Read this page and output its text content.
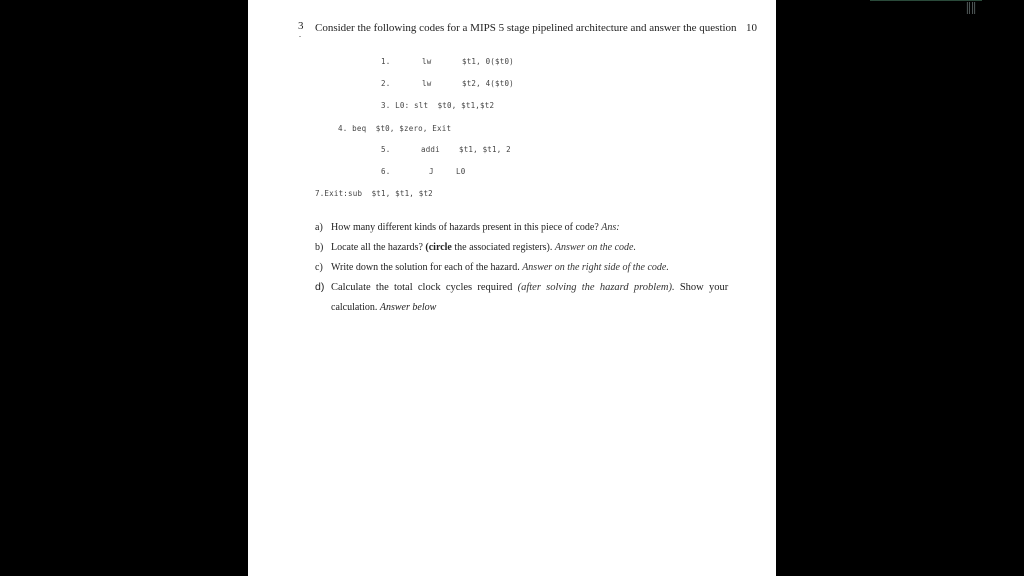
3
.
Consider the following codes for a MIPS 5 stage pipelined architecture and answer the question 10
1.	lw	$t1, 0($t0)
2.	lw	$t2, 4($t0)
3. L0: slt  $t0, $t1,$t2
4. beq  $t0, $zero, Exit
5.	addi	$t1, $t1, 2
6.	J	L0
7.Exit:sub  $t1, $t1, $t2
a) How many different kinds of hazards present in this piece of code? Ans:
b) Locate all the hazards? (circle the associated registers). Answer on the code.
c) Write down the solution for each of the hazard. Answer on the right side of the code.
d) Calculate  the  total  clock  cycles  required (after  solving  the  hazard  problem). Show  your
calculation. Answer below
⠿⠿
⠿⠿
